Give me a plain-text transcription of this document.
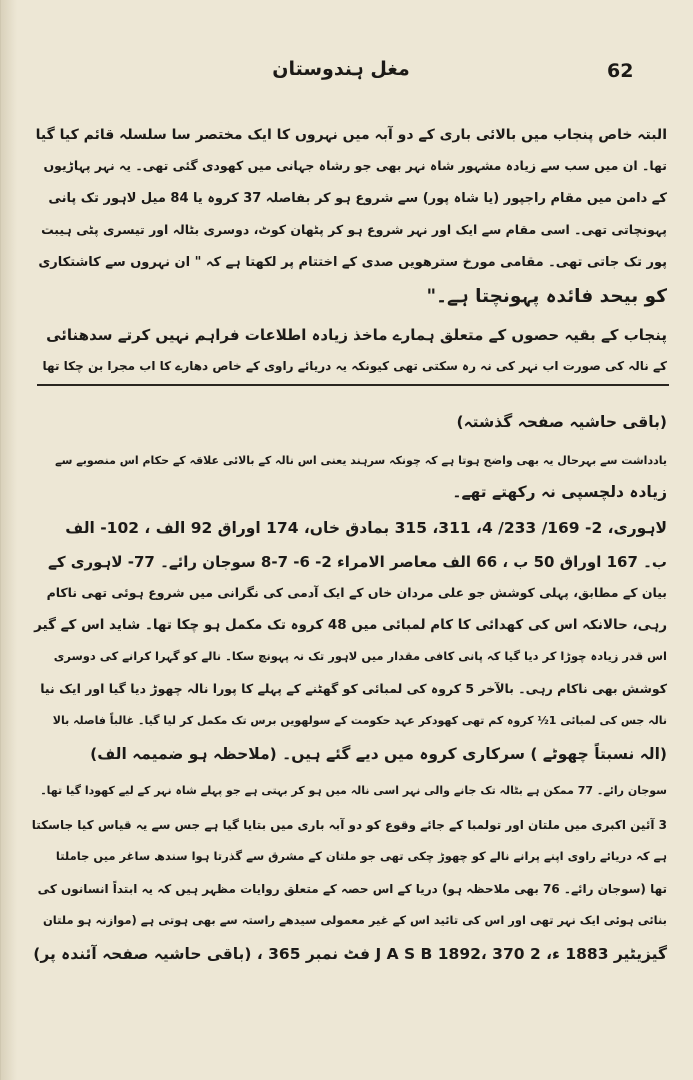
مغل ہندوستان	62
البتہ خاص پنجاب میں بالائی باری کے دو آبہ میں نہروں کا ایک مختصر سا سلسلہ قائم کیا گیا
تھا۔ ان میں سب سے زیادہ مشہور شاہ نہر بھی جو رشاہ جہانی میں کھودی گئی تھی۔ یہ نہر پہاڑیوں
کے دامن میں مقام راجپور (یا شاہ پور) سے شروع ہو کر بفاصلہ 37 کروہ یا 84 میل لاہور تک پانی
پہونچاتی تھی۔ اسی مقام سے ایک اور نہر شروع ہو کر پٹھان کوٹ، دوسری بٹالہ اور تیسری پٹی ہیبت
پور تک جاتی تھی۔ مقامی مورخ سترھویں صدی کے اختتام پر لکھتا ہے کہ " ان نہروں سے کاشتکاری
کو بیحد فائدہ پہونچتا ہے۔"
پنجاب کے بقیہ حصوں کے متعلق ہمارے ماخذ زیادہ اطلاعات فراہم نہیں کرتے سدھنائی
کے نالہ کی صورت اب نہر کی نہ رہ سکتی تھی کیونکہ یہ دریائے راوی کے خاص دھارے کا اب مجرا بن چکا تھا
(باقی حاشیہ صفحہ گذشتہ)
یادداشت سے بہرحال یہ بھی واضح ہوتا ہے کہ چونکہ سرہند یعنی اس نالہ کے بالائی علاقہ کے حکام اس منصوبے سے
زیادہ دلچسپی نہ رکھتے تھے۔
لاہوری، 2- 169/ 233/ 4، 311، 315 بمادق خاں، 174 اوراق 92 الف ، 102- الف
ب۔ 167 اوراق 50 ب ، 66 الف معاصر الامراء 2- 6- 7-8 سوجان رائے۔ 77- لاہوری کے
بیان کے مطابق، پہلی کوشش جو علی مردان خاں کے ایک آدمی کی نگرانی میں شروع ہوئی تھی ناکام
رہی، حالانکہ اس کی کھدائی کا کام لمبائی میں 48 کروہ تک مکمل ہو چکا تھا۔ شاید اس کے گیر
اس قدر زیادہ چوڑا کر دیا گیا کہ پانی کافی مقدار میں لاہور تک نہ پہونچ سکا۔ نالے کو گہرا کرانے کی دوسری
کوشش بھی ناکام رہی۔ بالآخر 5 کروہ کی لمبائی کو گھٹنے کے پہلے کا پورا نالہ چھوڑ دیا گیا اور ایک نیا
نالہ جس کی لمبائی 1½ کروہ کم تھی کھودکر عہد حکومت کے سولھویں برس تک مکمل کر لیا گیا۔ غالباً فاصلہ بالا
(الہ نسبتاً چھوٹے ) سرکاری کروہ میں دیے گئے ہیں۔ (ملاحظہ ہو ضمیمہ الف)
سوجان رائے۔ 77 ممکن ہے بٹالہ تک جانے والی نہر اسی نالہ میں ہو کر بہتی ہے جو پہلے شاہ نہر کے لیے کھودا گیا تھا۔
3 آئین اکبری میں ملتان اور تولمبا کے جائے وقوع کو دو آبہ باری میں بتایا گیا ہے جس سے یہ قیاس کیا جاسکتا
ہے کہ دریائے راوی اپنے پرانے نالے کو چھوڑ چکی تھی جو ملتان کے مشرق سے گذرتا ہوا سندھ ساغر میں جاملتا
تھا (سوجان رائے۔ 76 بھی ملاحظہ ہو) دریا کے اس حصہ کے متعلق روایات مظہر ہیں کہ یہ ابتداً انسانوں کی
بنائی ہوئی ایک نہر تھی اور اس کی تائید اس کے غیر معمولی سیدھے راستہ سے بھی ہوتی ہے (موازنہ ہو ملتان
گیزیٹیر 1883 ء، 2 J A S B 1892، 370 فٹ نمبر 365 ، (باقی حاشیہ صفحہ آئندہ پر)
